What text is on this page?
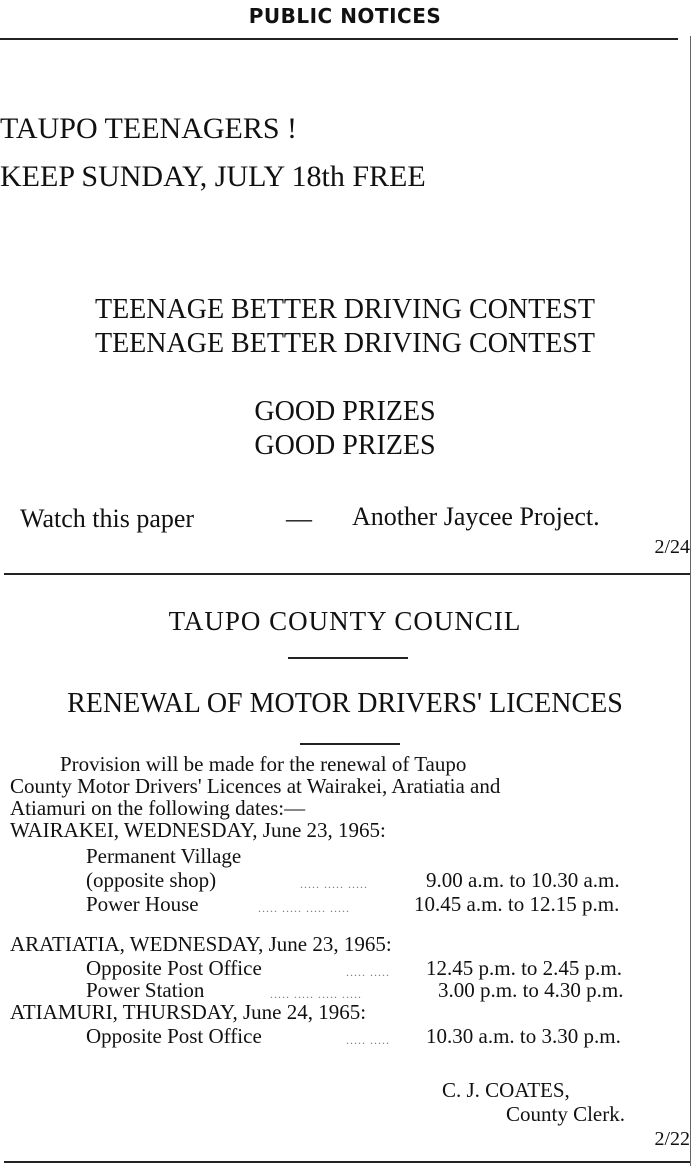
PUBLIC NOTICES
TAUPO TEENAGERS !
KEEP SUNDAY, JULY 18th FREE
TEENAGE BETTER DRIVING CONTEST
TEENAGE BETTER DRIVING CONTEST
GOOD PRIZES
GOOD PRIZES
Watch this paper	— Another Jaycee Project.
2/24
TAUPO COUNTY COUNCIL
RENEWAL OF MOTOR DRIVERS' LICENCES
Provision will be made for the renewal of Taupo
County Motor Drivers' Licences at Wairakei, Aratiatia and
Atiamuri on the following dates:—
WAIRAKEI, WEDNESDAY, June 23, 1965:
Permanent Village
(opposite shop)	..... ..... .....	9.00 a.m. to 10.30 a.m.
Power House	..... ..... ..... .....	10.45 a.m. to 12.15 p.m.
ARATIATIA, WEDNESDAY, June 23, 1965:
Opposite Post Office	..... ..... 12.45 p.m. to 2.45 p.m.
Power Station	..... ..... ..... .....	3.00 p.m. to 4.30 p.m.
ATIAMURI, THURSDAY, June 24, 1965:
Opposite Post Office	..... ..... 10.30 a.m. to 3.30 p.m.
C. J. COATES,
County Clerk.
2/22
